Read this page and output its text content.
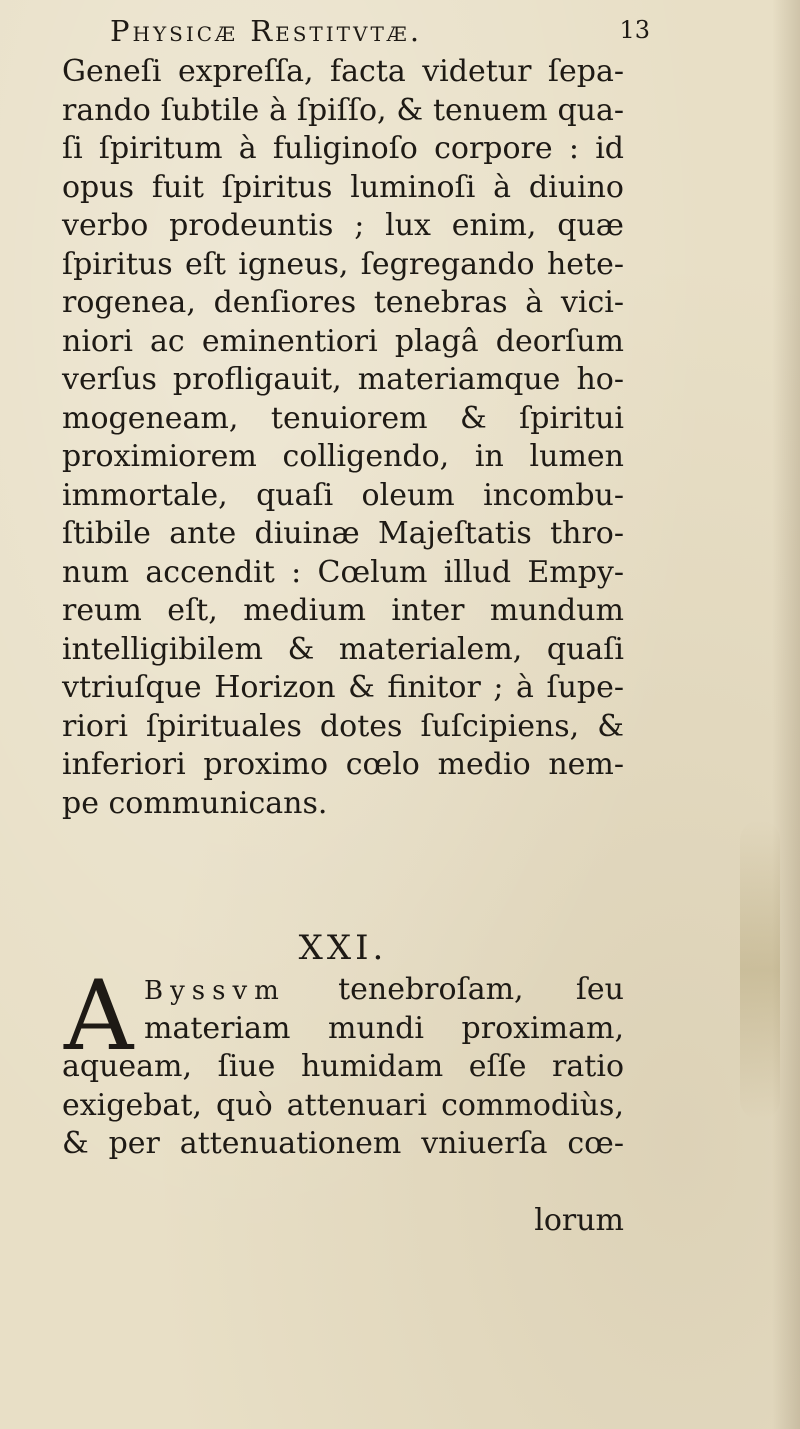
Physicæ Restitvtæ.	13
Geneſi expreſſa, facta videtur ſepa-
rando ſubtile à ſpiſſo, & tenuem qua-
ſi ſpiritum à fuliginoſo corpore : id
opus fuit ſpiritus luminoſi à diuino
verbo prodeuntis ; lux enim, quæ
ſpiritus eſt igneus, ſegregando hete-
rogenea, denſiores tenebras à vici-
niori ac eminentiori plagâ deorſum
verſus profligauit, materiamque ho-
mogeneam, tenuiorem & ſpiritui
proximiorem colligendo, in lumen
immortale, quaſi oleum incombu-
ſtibile ante diuinæ Majeſtatis thro-
num accendit : Cœlum illud Empy-
reum eſt, medium inter mundum
intelligibilem & materialem, quaſi
vtriuſque Horizon & finitor ; à ſupe-
riori ſpirituales dotes ſuſcipiens, &
inferiori proximo cœlo medio nem-
pe communicans.
XXI.
A Byssvm tenebroſam, ſeu
materiam mundi proximam,
aqueam, ſiue humidam eſſe ratio
exigebat, quò attenuari commodiùs,
& per attenuationem vniuerſa cœ-
lorum
